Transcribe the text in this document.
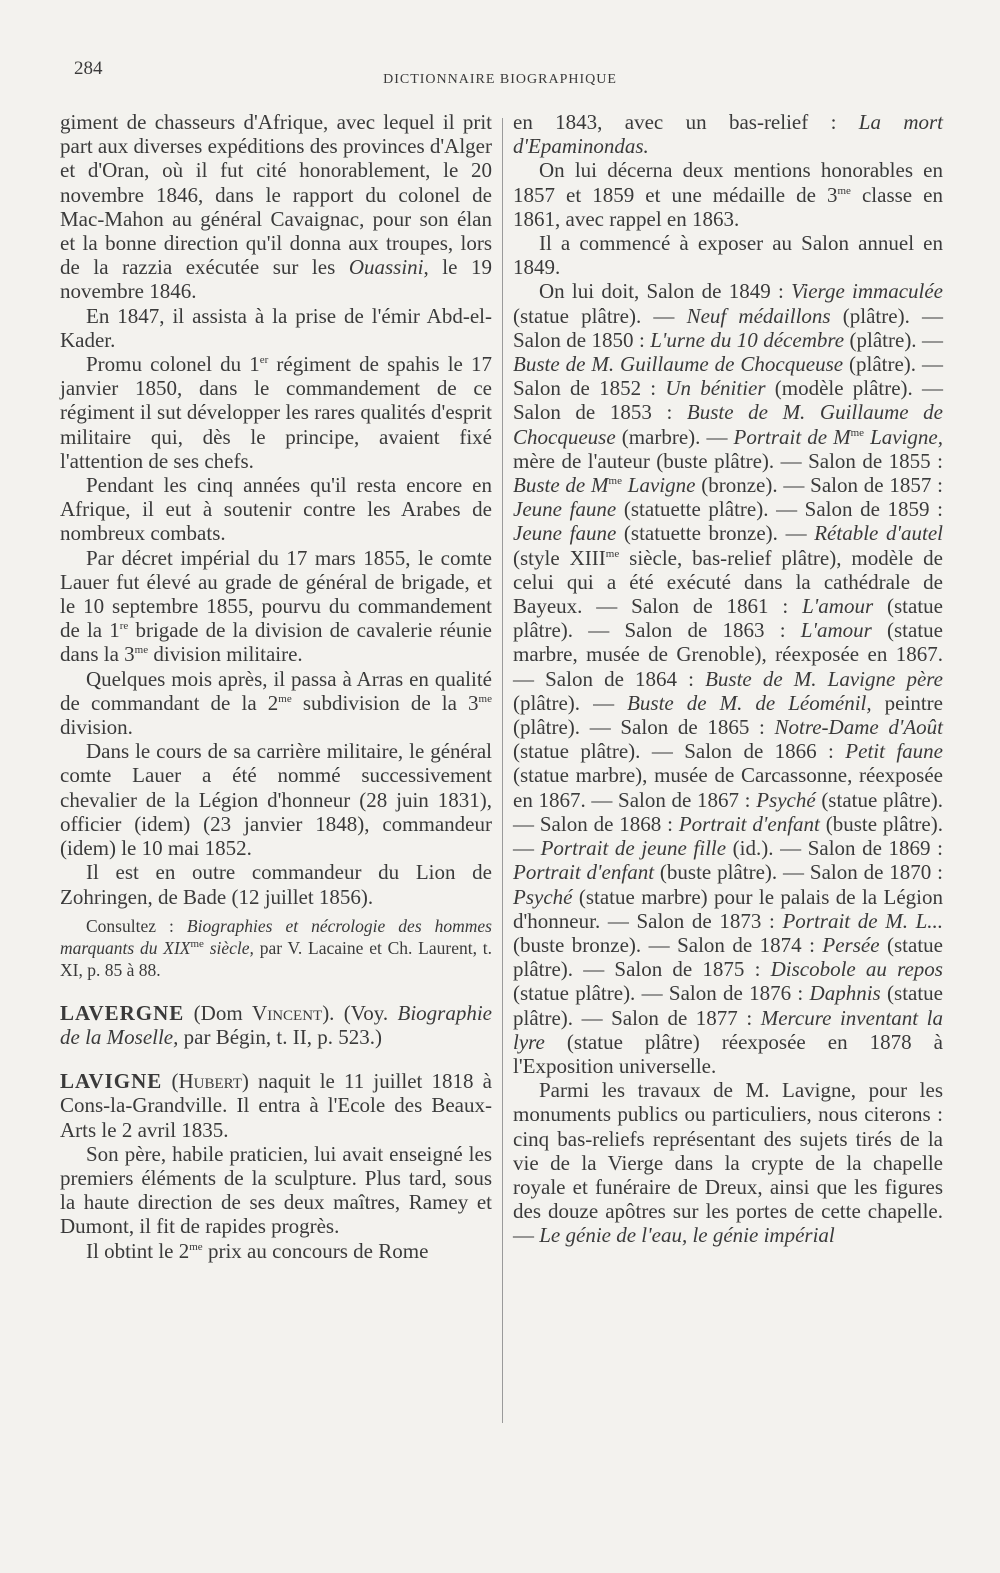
284
DICTIONNAIRE BIOGRAPHIQUE

giment de chasseurs d'Afrique, avec lequel il prit part aux diverses expéditions des provinces d'Alger et d'Oran, où il fut cité honorablement, le 20 novembre 1846, dans le rapport du colonel de Mac-Mahon au général Cavaignac, pour son élan et la bonne direction qu'il donna aux troupes, lors de la razzia exécutée sur les Ouassini, le 19 novembre 1846.

En 1847, il assista à la prise de l'émir Abd-el-Kader.

Promu colonel du 1er régiment de spahis le 17 janvier 1850, dans le commandement de ce régiment il sut développer les rares qualités d'esprit militaire qui, dès le principe, avaient fixé l'attention de ses chefs.

Pendant les cinq années qu'il resta encore en Afrique, il eut à soutenir contre les Arabes de nombreux combats.

Par décret impérial du 17 mars 1855, le comte Lauer fut élevé au grade de général de brigade, et le 10 septembre 1855, pourvu du commandement de la 1re brigade de la division de cavalerie réunie dans la $3^{me}$ division militaire.

Quelques mois après, il passa à Arras en qualité de commandant de la $2^{me}$ subdivision de la $3^{me}$ division.

Dans le cours de sa carrière militaire, le général comte Lauer a été nommé successivement chevalier de la Légion d'honneur (28 juin 1831), officier (idem) (23 janvier 1848), commandeur (idem) le 10 mai 1852.

Il est en outre commandeur du Lion de Zohringen, de Bade (12 juillet 1856).

Consultez : Biographies et nécrologie des hommes marquants du $XIX^{me}$ siècle, par V. Lacaine et Ch. Laurent, t. XI, p. 85 à 88.

LAVERGNE (Dom Vincent). (Voy. Biographie de la Moselle, par Bégin, t. II, p. 523.)

LAVIGNE (Hubert) naquit le 11 juillet 1818 à Cons-la-Grandville. Il entra à l'Ecole des Beaux-Arts le 2 avril 1835.

Son père, habile praticien, lui avait enseigné les premiers éléments de la sculpture. Plus tard, sous la haute direction de ses deux maîtres, Ramey et Dumont, il fit de rapides progrès.

Il obtint le $2^{me}$ prix au concours de Rome

en 1843, avec un bas-relief : La mort d'Epaminondas.

On lui décerna deux mentions honorables en 1857 et 1859 et une médaille de $3^{me}$ classe en 1861, avec rappel en 1863.

Il a commencé à exposer au Salon annuel en 1849.

On lui doit, Salon de 1849 : Vierge immaculée (statue plâtre). — Neuf médaillons (plâtre). — Salon de 1850 : L'urne du 10 décembre (plâtre). — Buste de M. Guillaume de Chocqueuse (plâtre). — Salon de 1852 : Un bénitier (modèle plâtre). — Salon de 1853 : Buste de M. Guillaume de Chocqueuse (marbre). — Portrait de $M^{me}$ Lavigne, mère de l'auteur (buste plâtre). — Salon de 1855 : Buste de $M^{me}$ Lavigne (bronze). — Salon de 1857 : Jeune faune (statuette plâtre). — Salon de 1859 : Jeune faune (statuette bronze). — Rétable d'autel (style $XIII^{me}$ siècle, bas-relief plâtre), modèle de celui qui a été exécuté dans la cathédrale de Bayeux. — Salon de 1861 : L'amour (statue plâtre). — Salon de 1863 : L'amour (statue marbre, musée de Grenoble), réexposée en 1867. — Salon de 1864 : Buste de M. Lavigne père (plâtre). — Buste de M. de Léoménil, peintre (plâtre). — Salon de 1865 : Notre-Dame d'Août (statue plâtre). — Salon de 1866 : Petit faune (statue marbre), musée de Carcassonne, réexposée en 1867. — Salon de 1867 : Psyché (statue plâtre). — Salon de 1868 : Portrait d'enfant (buste plâtre). — Portrait de jeune fille (id.). — Salon de 1869 : Portrait d'enfant (buste plâtre). — Salon de 1870 : Psyché (statue marbre) pour le palais de la Légion d'honneur. — Salon de 1873 : Portrait de M. L... (buste bronze). — Salon de 1874 : Persée (statue plâtre). — Salon de 1875 : Discobole au repos (statue plâtre). — Salon de 1876 : Daphnis (statue plâtre). — Salon de 1877 : Mercure inventant la lyre (statue plâtre) réexposée en 1878 à l'Exposition universelle.

Parmi les travaux de M. Lavigne, pour les monuments publics ou particuliers, nous citerons : cinq bas-reliefs représentant des sujets tirés de la vie de la Vierge dans la crypte de la chapelle royale et funéraire de Dreux, ainsi que les figures des douze apôtres sur les portes de cette chapelle. — Le génie de l'eau, le génie impérial
